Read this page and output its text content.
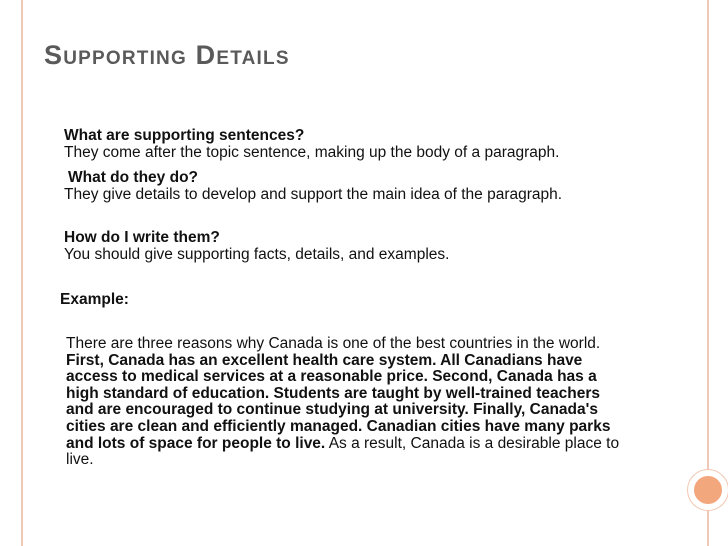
Supporting Details
What are supporting sentences?
They come after the topic sentence, making up the body of a paragraph.
What do they do?
They give details to develop and support the main idea of the paragraph.
How do I write them?
You should give supporting facts, details, and examples.
Example:
There are three reasons why Canada is one of the best countries in the world. First, Canada has an excellent health care system. All Canadians have access to medical services at a reasonable price. Second, Canada has a high standard of education. Students are taught by well-trained teachers and are encouraged to continue studying at university. Finally, Canada's cities are clean and efficiently managed. Canadian cities have many parks and lots of space for people to live. As a result, Canada is a desirable place to live.
